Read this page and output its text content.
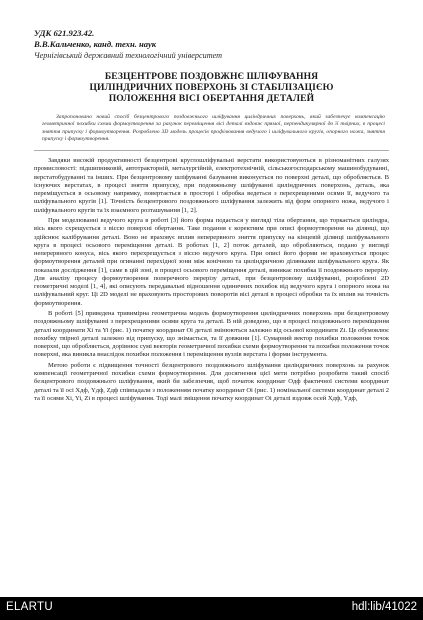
УДК 621.923.42.
В.В.Кальченко, канд. техн. наук
Чернігівський державний технологічний університет
БЕЗЦЕНТРОВЕ ПОЗДОВЖНЄ ШЛІФУВАННЯ
ЦИЛІНДРИЧНИХ ПОВЕРХОНЬ ЗІ СТАБІЛІЗАЦІЄЮ
ПОЛОЖЕННЯ ВІСІ ОБЕРТАННЯ ДЕТАЛЕЙ
Запропоновано новий спосіб безцентрового поздовжнього шліфування циліндричних поверхонь, який забезпечує компенсацію геометричної похибки схеми формоутворення за рахунок переміщення вісі деталі вздовж прямої, перпендикулярної до її твірних, в процесі зняття припуску і формоутворення. Розроблено 3D модель процесів профілювання ведучого і шліфувального кругів, опорного ножа, зняття припуску і формоутворення.

Завдяки високій продуктивності безцентрові круглошліфувальні верстати використовуються в різноманітних галузях промисловості: підшипниковій, автотракторній, металургійній, електротехнічній, сільськогосподарському машинобудуванні, верстатобудуванні та інших. При безцентровому шліфуванні базування виконується по поверхні деталі, що обробляється. В існуючих верстатах, в процесі зняття припуску, при подовжньому шліфуванні циліндричних поверхонь, деталь, яка переміщується в осьовому напрямку, повертається в просторі і обробка ведеться з перехрещеними осями її, ведучого та шліфувального кругів [1]. Точність безцентрового поздовжнього шліфування залежить від форм опорного ножа, ведучого і шліфувального кругів та їх взаємного розташування [1, 2].

При моделюванні ведучого круга в роботі [3] його форма подається у вигляді тіла обертання, що торкається циліндра, вісь якого схрещується з віссю поверхні обертання. Таке подання є коректним при описі формоутворення на ділянці, що здійснює калібрування деталі. Воно не враховує вплив неперервного зняття припуску на кінцевій ділянці шліфувального круга в процесі осьового переміщення деталі. В роботах [1, 2] поток деталей, що обробляються, подано у вигляді неперервного конуса, вісь якого перехрещується з віссю ведучого круга. При описі його форми не враховується процес формоутворення деталей при огинанні перехідної зони між конічною та циліндричною ділянками шліфувального круга. Як показали дослідження [1], саме в цій зоні, в процесі осьового переміщення деталі, виникає похибка її поздовжнього перерізу. Для аналізу процесу формоутворення поперечного перерізу деталі, при безцентровому шліфуванні, розроблені 2D геометричні моделі [1, 4], які описують передавальні відношення одиничних похибок від ведучого круга і опорного ножа на шліфувальний круг. Ці 2D моделі не враховують просторових поворотів вісі деталі в процесі обробки та їх вплив на точність формоутворення.

В роботі [5] приведена тривимірна геометрична модель формоутворення циліндричних поверхонь при безцентровому поздовжньому шліфуванні з перехрещеними осями круга та деталі. В ній доведено, що в процесі поздовжнього переміщення деталі координати Xi та Yi (рис. 1) початку координат Oi деталі змінюються залежно від осьової координати Zi. Це обумовлює похибку твірної деталі залежно від припуску, що знімається, та її довжини [1]. Сумарний вектор похибки положення точок поверхні, що обробляється, дорівнює сумі векторів геометричної похибки схеми формоутворення та похибки положення точок поверхні, яка виникла внаслідок похибки положення і переміщення вузлів верстата і форми інструмента.

Метою роботи є підвищення точності безцентрового поздовжнього шліфування циліндричних поверхонь за рахунок компенсації геометричної похибки схеми формоутворення. Для досягнення цієї мети потрібно розробити такий спосіб безцентрового поздовжнього шліфування, який би забезпечив, щоб початок координат Oдф фактичної системи координат деталі та її осі Xдф, Yдф, Zдф співпадали з положенням початку координат Oi (рис. 1) номінальної системи координат деталі 2 та її осями Xi, Yi, Zi в процесі шліфування. Тоді малі зміщення початку координат Oi деталі вздовж осей Xдф, Yдф,

ELARTU	hdl:lib/41022
